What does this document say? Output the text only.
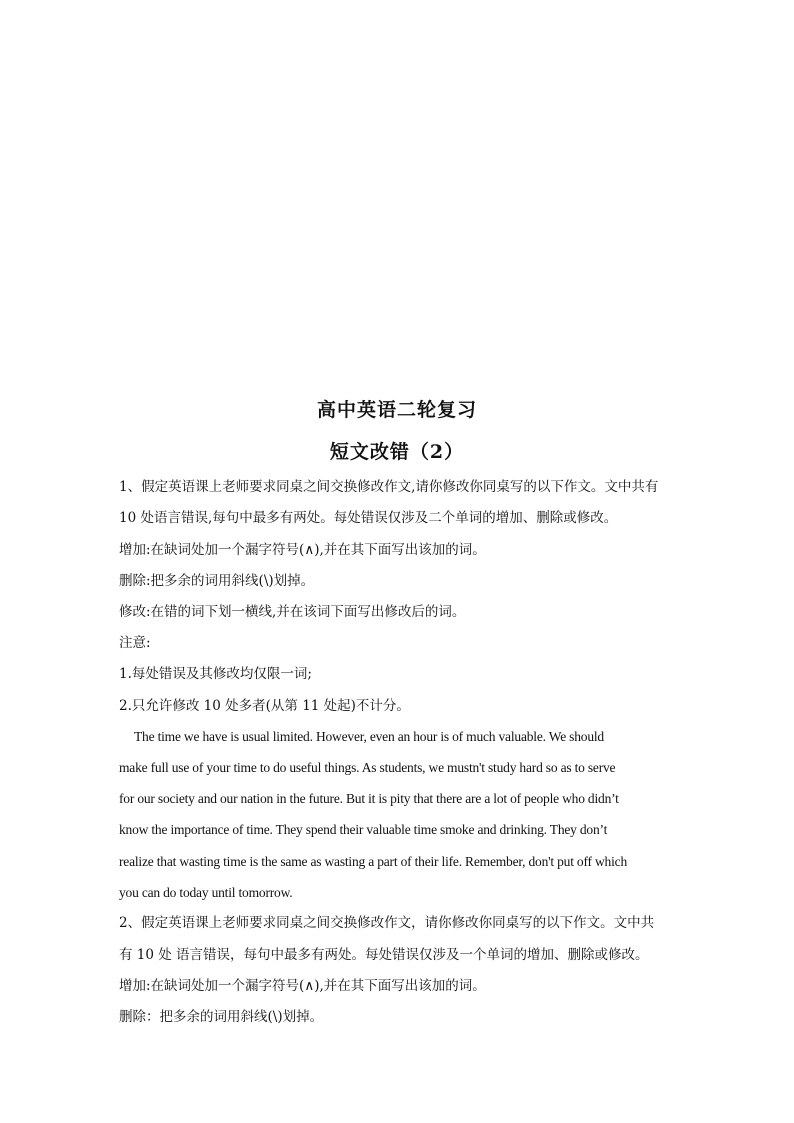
高中英语二轮复习
短文改错（2）
1、假定英语课上老师要求同桌之间交换修改作文,请你修改你同桌写的以下作文。文中共有
10 处语言错误,每句中最多有两处。每处错误仅涉及二个单词的增加、删除或修改。
增加:在缺词处加一个漏字符号(∧),并在其下面写出该加的词。
删除:把多余的词用斜线(\)划掉。
修改:在错的词下划一横线,并在该词下面写出修改后的词。
注意:
1.每处错误及其修改均仅限一词;
2.只允许修改 10 处多者(从第 11 处起)不计分。
The time we have is usual limited. However, even an hour is of much valuable. We should
make full use of your time to do useful things. As students, we mustn't study hard so as to serve
for our society and our nation in the future. But it is pity that there are a lot of people who didn’t
know the importance of time. They spend their valuable time smoke and drinking. They don’t
realize that wasting time is the same as wasting a part of their life. Remember, don't put off which
you can do today until tomorrow.
2、假定英语课上老师要求同桌之间交换修改作文，请你修改你同桌写的以下作文。文中共
有 10 处 语言错误，每句中最多有两处。每处错误仅涉及一个单词的增加、删除或修改。
增加:在缺词处加一个漏字符号(∧),并在其下面写出该加的词。
删除：把多余的词用斜线(\)划掉。
